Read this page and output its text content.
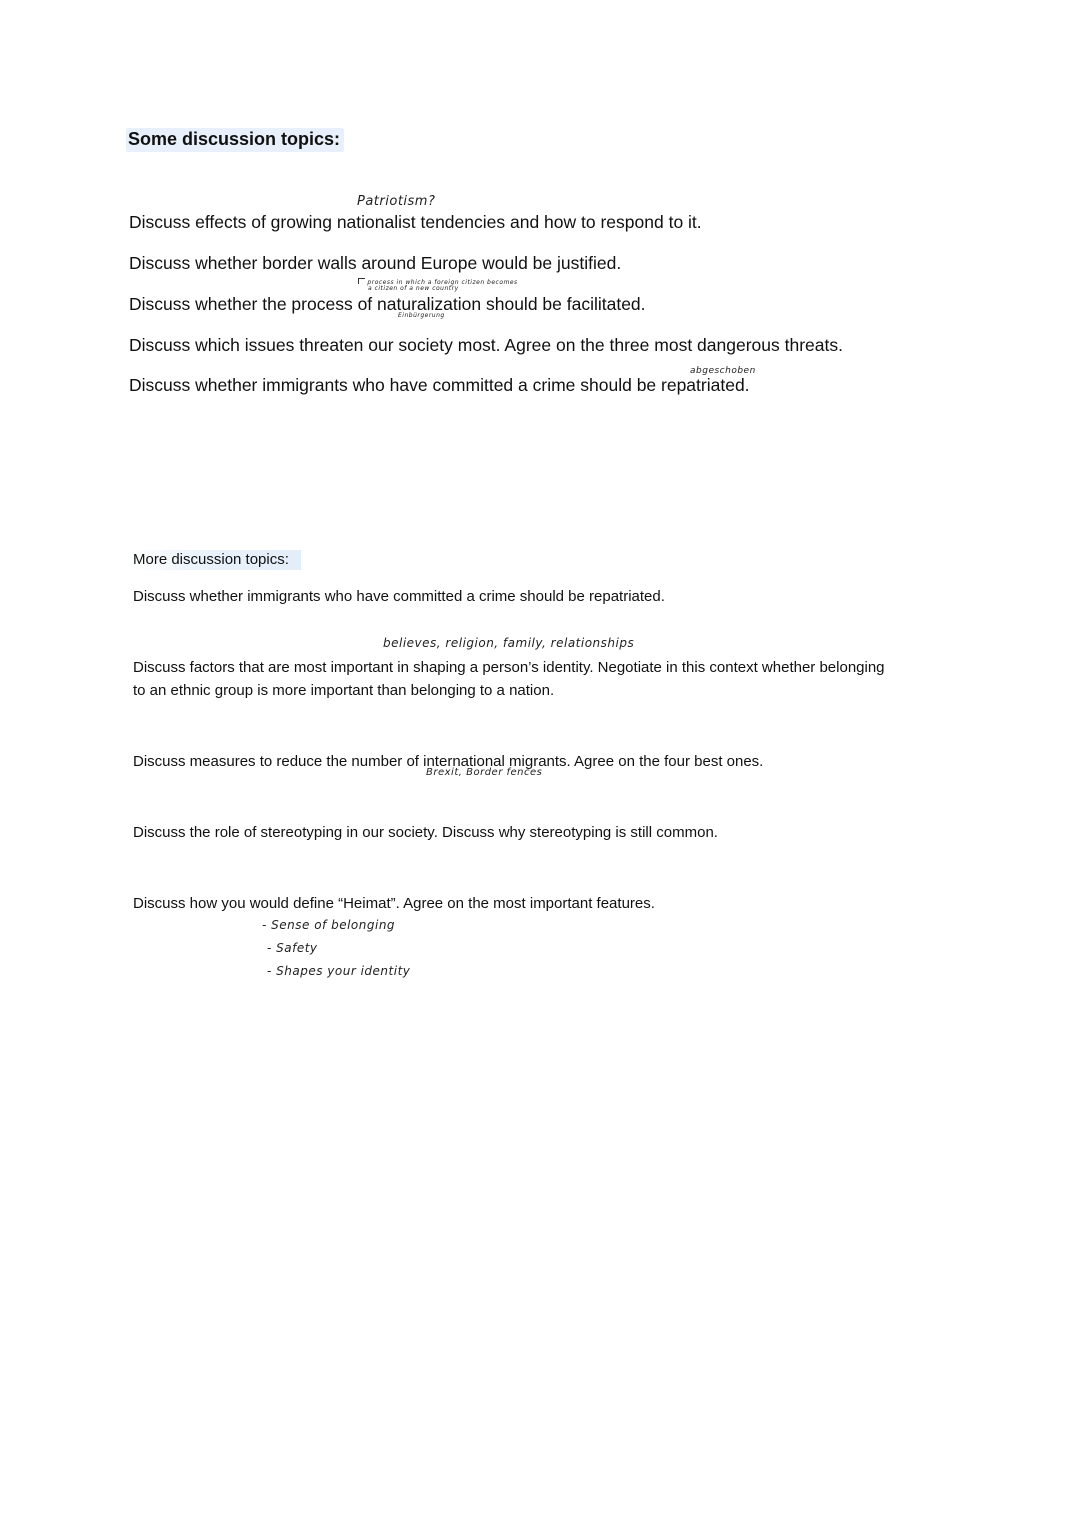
Some discussion topics:
Patriotism?
Discuss effects of growing nationalist tendencies and how to respond to it.
Discuss whether border walls around Europe would be justified.
process in which a foreign citizen becomes
a citizen of a new country
Discuss whether the process of naturalization should be facilitated.
Einbürgerung
Discuss which issues threaten our society most. Agree on the three most dangerous threats.
abgeschoben
Discuss whether immigrants who have committed a crime should be repatriated.
More discussion topics:
Discuss whether immigrants who have committed a crime should be repatriated.
believes, religion, family, relationships
Discuss factors that are most important in shaping a person’s identity. Negotiate in this context whether belonging to an ethnic group is more important than belonging to a nation.
Discuss measures to reduce the number of international migrants. Agree on the four best ones.
Brexit, Border fences
Discuss the role of stereotyping in our society. Discuss why stereotyping is still common.
Discuss how you would define “Heimat”. Agree on the most important features.
- Sense of belonging
- Safety
- Shapes your identity
